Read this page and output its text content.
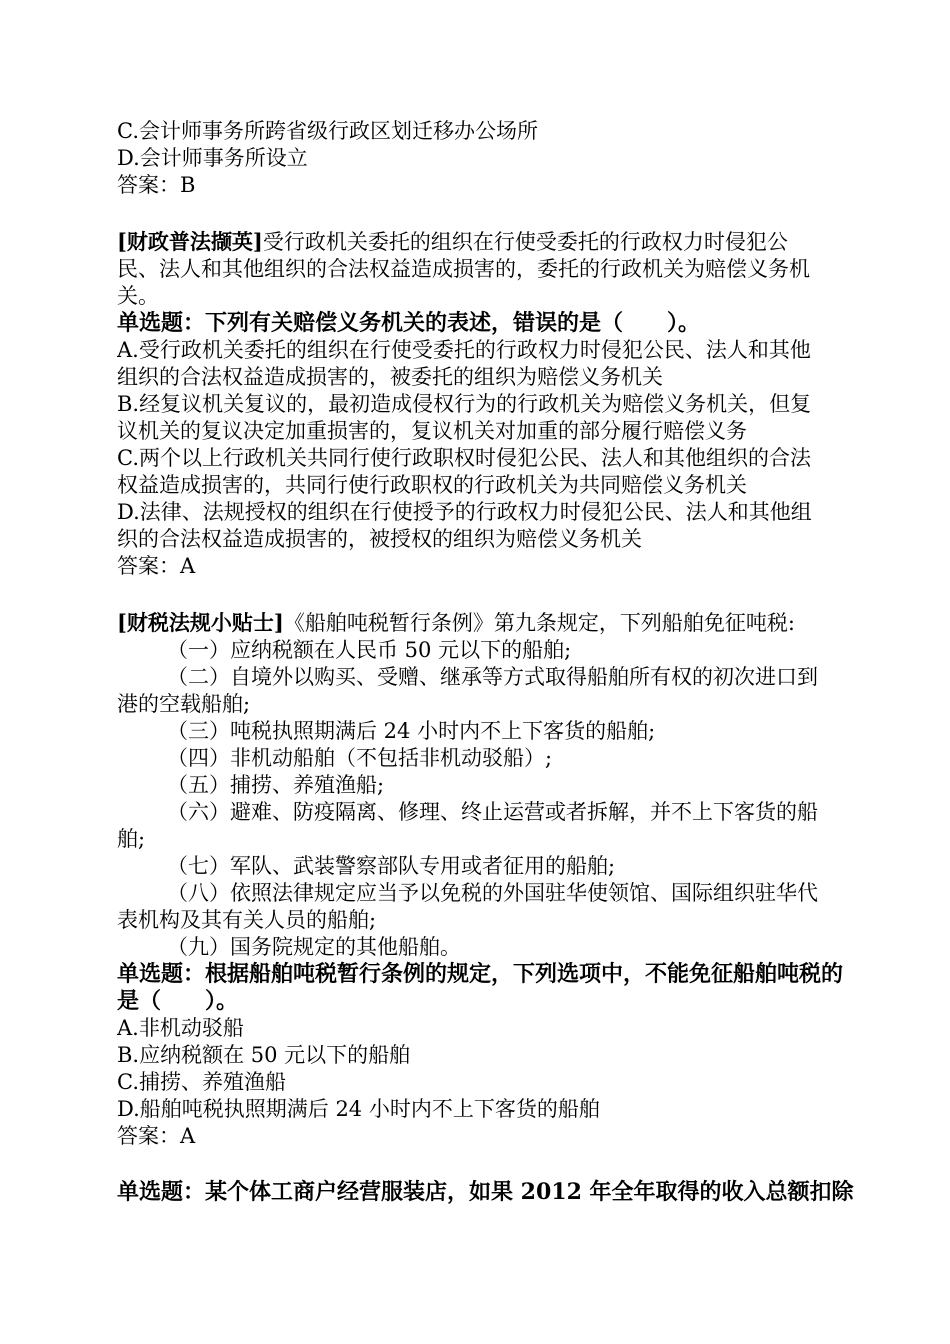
C.会计师事务所跨省级行政区划迁移办公场所
D.会计师事务所设立
答案：B
[财政普法撷英]受行政机关委托的组织在行使受委托的行政权力时侵犯公
民、法人和其他组织的合法权益造成损害的，委托的行政机关为赔偿义务机
关。
单选题：下列有关赔偿义务机关的表述，错误的是（　　）。
A.受行政机关委托的组织在行使受委托的行政权力时侵犯公民、法人和其他
组织的合法权益造成损害的，被委托的组织为赔偿义务机关
B.经复议机关复议的，最初造成侵权行为的行政机关为赔偿义务机关，但复
议机关的复议决定加重损害的，复议机关对加重的部分履行赔偿义务
C.两个以上行政机关共同行使行政职权时侵犯公民、法人和其他组织的合法
权益造成损害的，共同行使行政职权的行政机关为共同赔偿义务机关
D.法律、法规授权的组织在行使授予的行政权力时侵犯公民、法人和其他组
织的合法权益造成损害的，被授权的组织为赔偿义务机关
答案：A
[财税法规小贴士]《船舶吨税暂行条例》第九条规定，下列船舶免征吨税:
（一）应纳税额在人民币 50 元以下的船舶;
（二）自境外以购买、受赠、继承等方式取得船舶所有权的初次进口到
港的空载船舶;
（三）吨税执照期满后 24 小时内不上下客货的船舶;
（四）非机动船舶（不包括非机动驳船）;
（五）捕捞、养殖渔船;
（六）避难、防疫隔离、修理、终止运营或者拆解，并不上下客货的船
舶;
（七）军队、武装警察部队专用或者征用的船舶;
（八）依照法律规定应当予以免税的外国驻华使领馆、国际组织驻华代
表机构及其有关人员的船舶;
（九）国务院规定的其他船舶。
单选题：根据船舶吨税暂行条例的规定，下列选项中，不能免征船舶吨税的
是（　　）。
A.非机动驳船
B.应纳税额在 50 元以下的船舶
C.捕捞、养殖渔船
D.船舶吨税执照期满后 24 小时内不上下客货的船舶
答案：A
单选题：某个体工商户经营服装店，如果 2012 年全年取得的收入总额扣除
